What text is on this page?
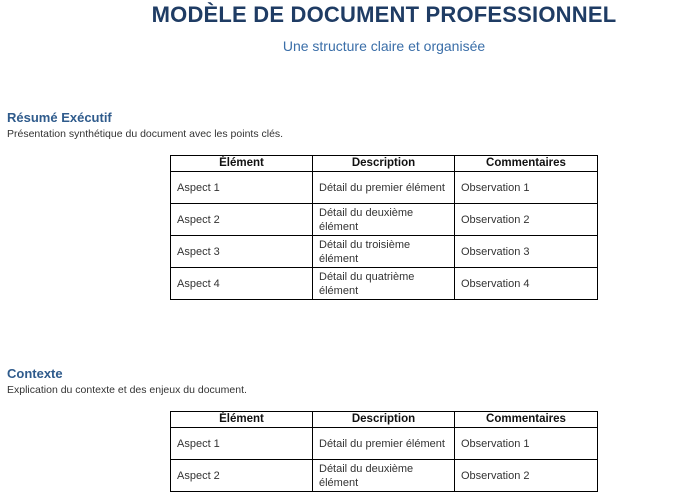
MODÈLE DE DOCUMENT PROFESSIONNEL
Une structure claire et organisée
Résumé Exécutif

Présentation synthétique du document avec les points clés.

Élément	Description	Commentaires
Aspect 1	Détail du premier élément	Observation 1
Aspect 2	Détail du deuxième élément	Observation 2
Aspect 3	Détail du troisième élément	Observation 3
Aspect 4	Détail du quatrième élément	Observation 4
Contexte

Explication du contexte et des enjeux du document.

Élément	Description	Commentaires
Aspect 1	Détail du premier élément	Observation 1
Aspect 2	Détail du deuxième élément	Observation 2
